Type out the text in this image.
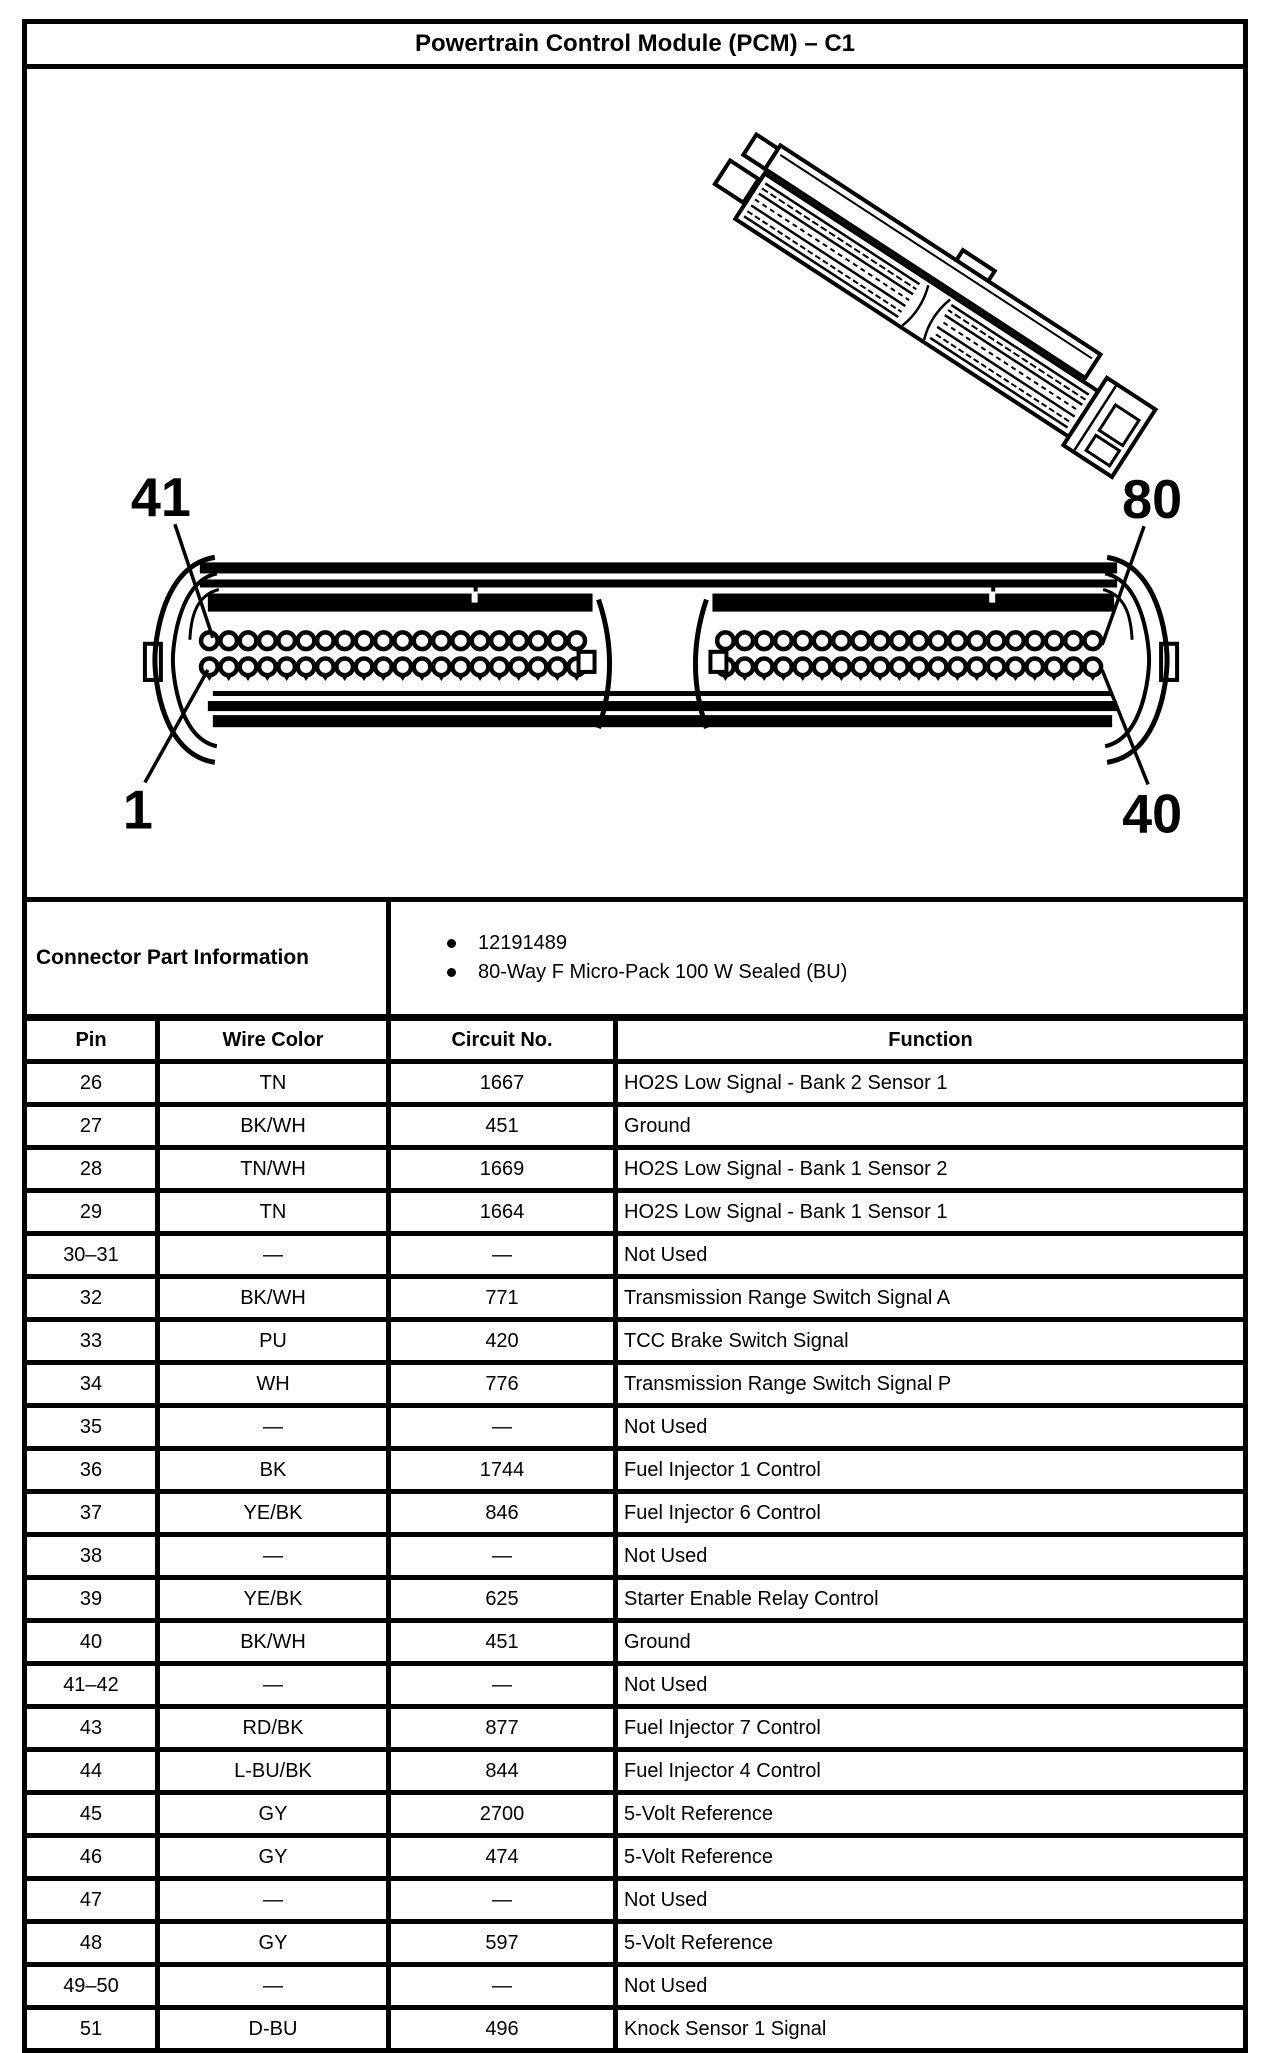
Powertrain Control Module (PCM) – C1			

41 80
1 40			

Connector Part Information		12191489
80-Way F Micro-Pack 100 W Sealed (BU)	

Pin	Wire Color	Circuit No.	Function
26	TN	1667	HO2S Low Signal - Bank 2 Sensor 1
27	BK/WH	451	Ground
28	TN/WH	1669	HO2S Low Signal - Bank 1 Sensor 2
29	TN	1664	HO2S Low Signal - Bank 1 Sensor 1
30–31	—	—	Not Used
32	BK/WH	771	Transmission Range Switch Signal A
33	PU	420	TCC Brake Switch Signal
34	WH	776	Transmission Range Switch Signal P
35	—	—	Not Used
36	BK	1744	Fuel Injector 1 Control
37	YE/BK	846	Fuel Injector 6 Control
38	—	—	Not Used
39	YE/BK	625	Starter Enable Relay Control
40	BK/WH	451	Ground
41–42	—	—	Not Used
43	RD/BK	877	Fuel Injector 7 Control
44	L-BU/BK	844	Fuel Injector 4 Control
45	GY	2700	5-Volt Reference
46	GY	474	5-Volt Reference
47	—	—	Not Used
48	GY	597	5-Volt Reference
49–50	—	—	Not Used
51	D-BU	496	Knock Sensor 1 Signal
